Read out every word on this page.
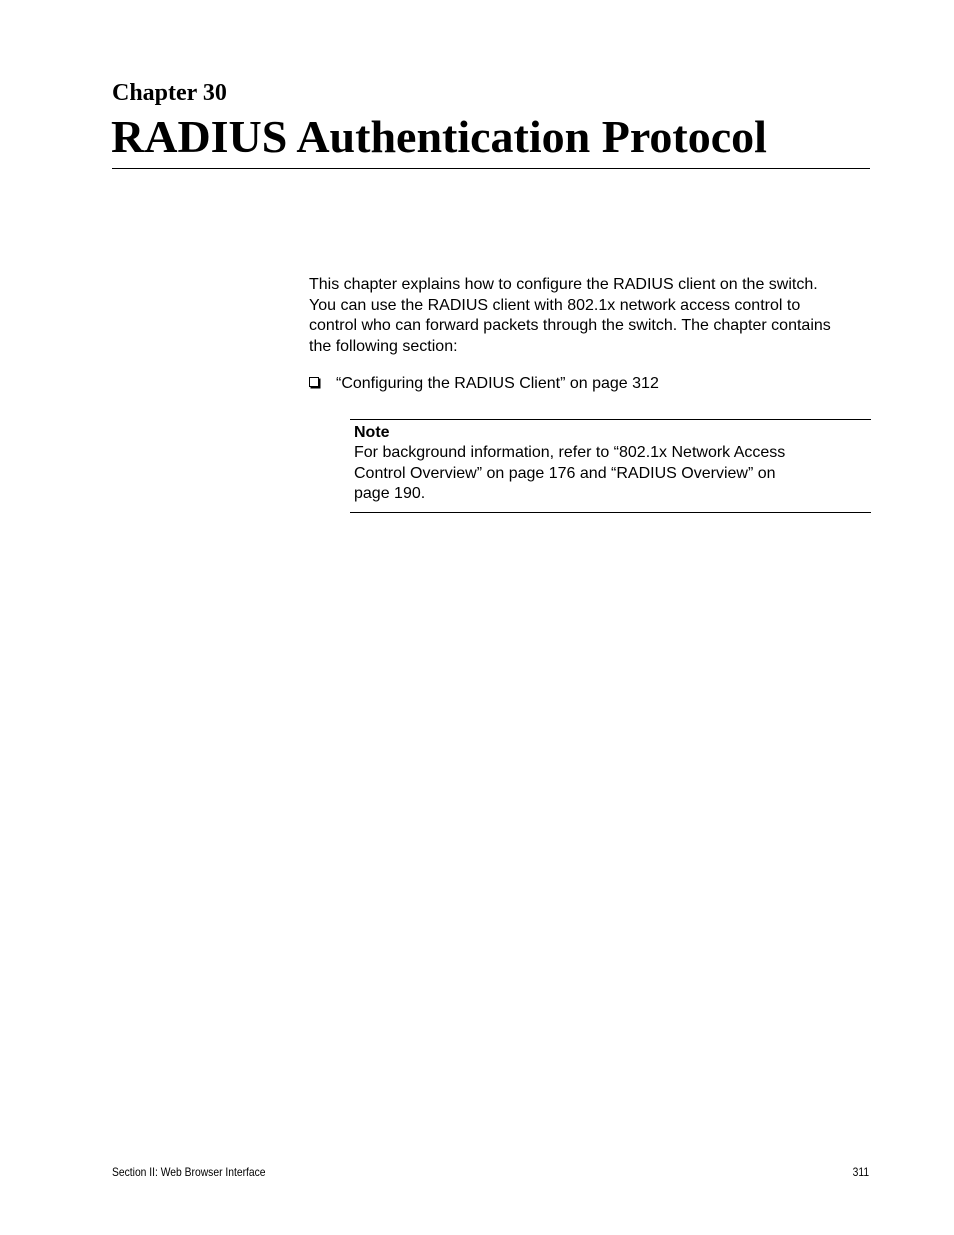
Chapter 30
RADIUS Authentication Protocol

This chapter explains how to configure the RADIUS client on the switch.
You can use the RADIUS client with 802.1x network access control to
control who can forward packets through the switch. The chapter contains
the following section:

“Configuring the RADIUS Client” on page 312
Note

For background information, refer to “802.1x Network Access
Control Overview” on page 176 and “RADIUS Overview” on
page 190.

Section II: Web Browser Interface	311
